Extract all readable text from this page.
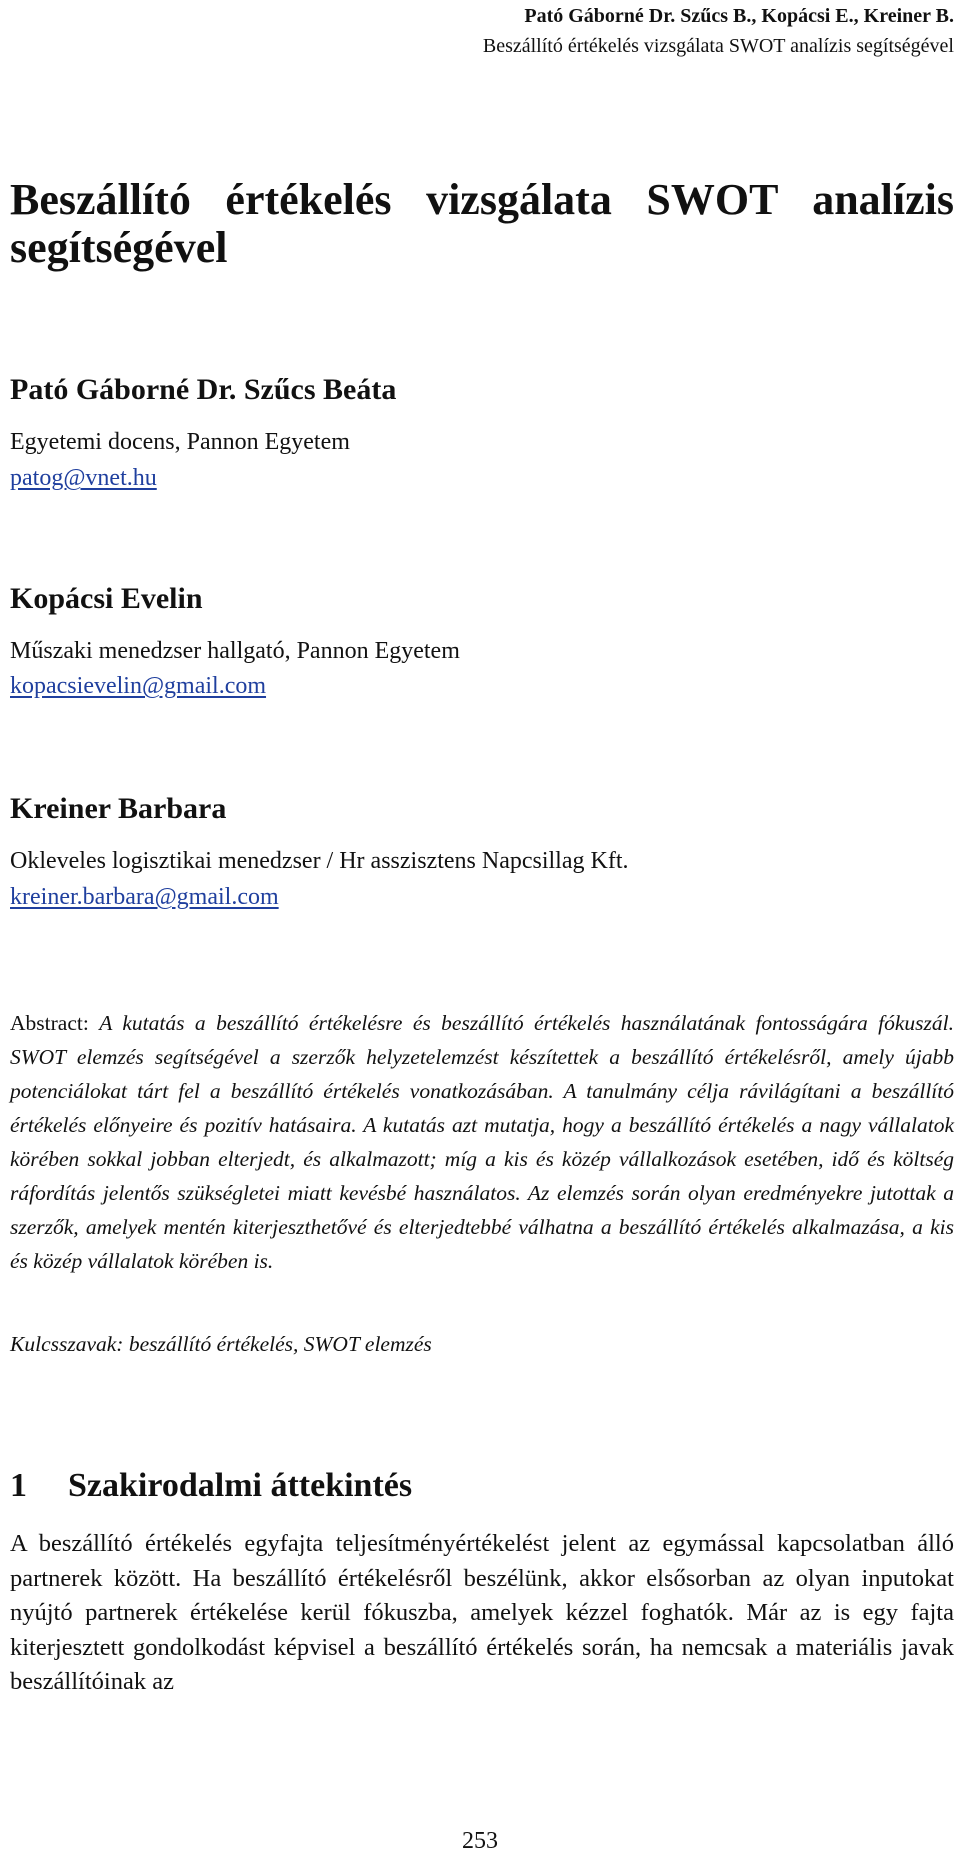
Pató Gáborné Dr. Szűcs B., Kopácsi E., Kreiner B.
Beszállító értékelés vizsgálata SWOT analízis segítségével
Beszállító értékelés vizsgálata SWOT analízis segítségével
Pató Gáborné Dr. Szűcs Beáta

Egyetemi docens, Pannon Egyetem

patog@vnet.hu
Kopácsi Evelin

Műszaki menedzser hallgató, Pannon Egyetem

kopacsievelin@gmail.com
Kreiner Barbara

Okleveles logisztikai menedzser / Hr asszisztens Napcsillag Kft.

kreiner.barbara@gmail.com

Abstract: A kutatás a beszállító értékelésre és beszállító értékelés használatának fontosságára fókuszál. SWOT elemzés segítségével a szerzők helyzetelemzést készítettek a beszállító értékelésről, amely újabb potenciálokat tárt fel a beszállító értékelés vonatkozásában. A tanulmány célja rávilágítani a beszállító értékelés előnyeire és pozitív hatásaira. A kutatás azt mutatja, hogy a beszállító értékelés a nagy vállalatok körében sokkal jobban elterjedt, és alkalmazott; míg a kis és közép vállalkozások esetében, idő és költség ráfordítás jelentős szükségletei miatt kevésbé használatos. Az elemzés során olyan eredményekre jutottak a szerzők, amelyek mentén kiterjeszthetővé és elterjedtebbé válhatna a beszállító értékelés alkalmazása, a kis és közép vállalatok körében is.

Kulcsszavak: beszállító értékelés, SWOT elemzés

1 Szakirodalmi áttekintés

A beszállító értékelés egyfajta teljesítményértékelést jelent az egymással kapcsolatban álló partnerek között. Ha beszállító értékelésről beszélünk, akkor elsősorban az olyan inputokat nyújtó partnerek értékelése kerül fókuszba, amelyek kézzel foghatók. Már az is egy fajta kiterjesztett gondolkodást képvisel a beszállító értékelés során, ha nemcsak a materiális javak beszállítóinak az

253
